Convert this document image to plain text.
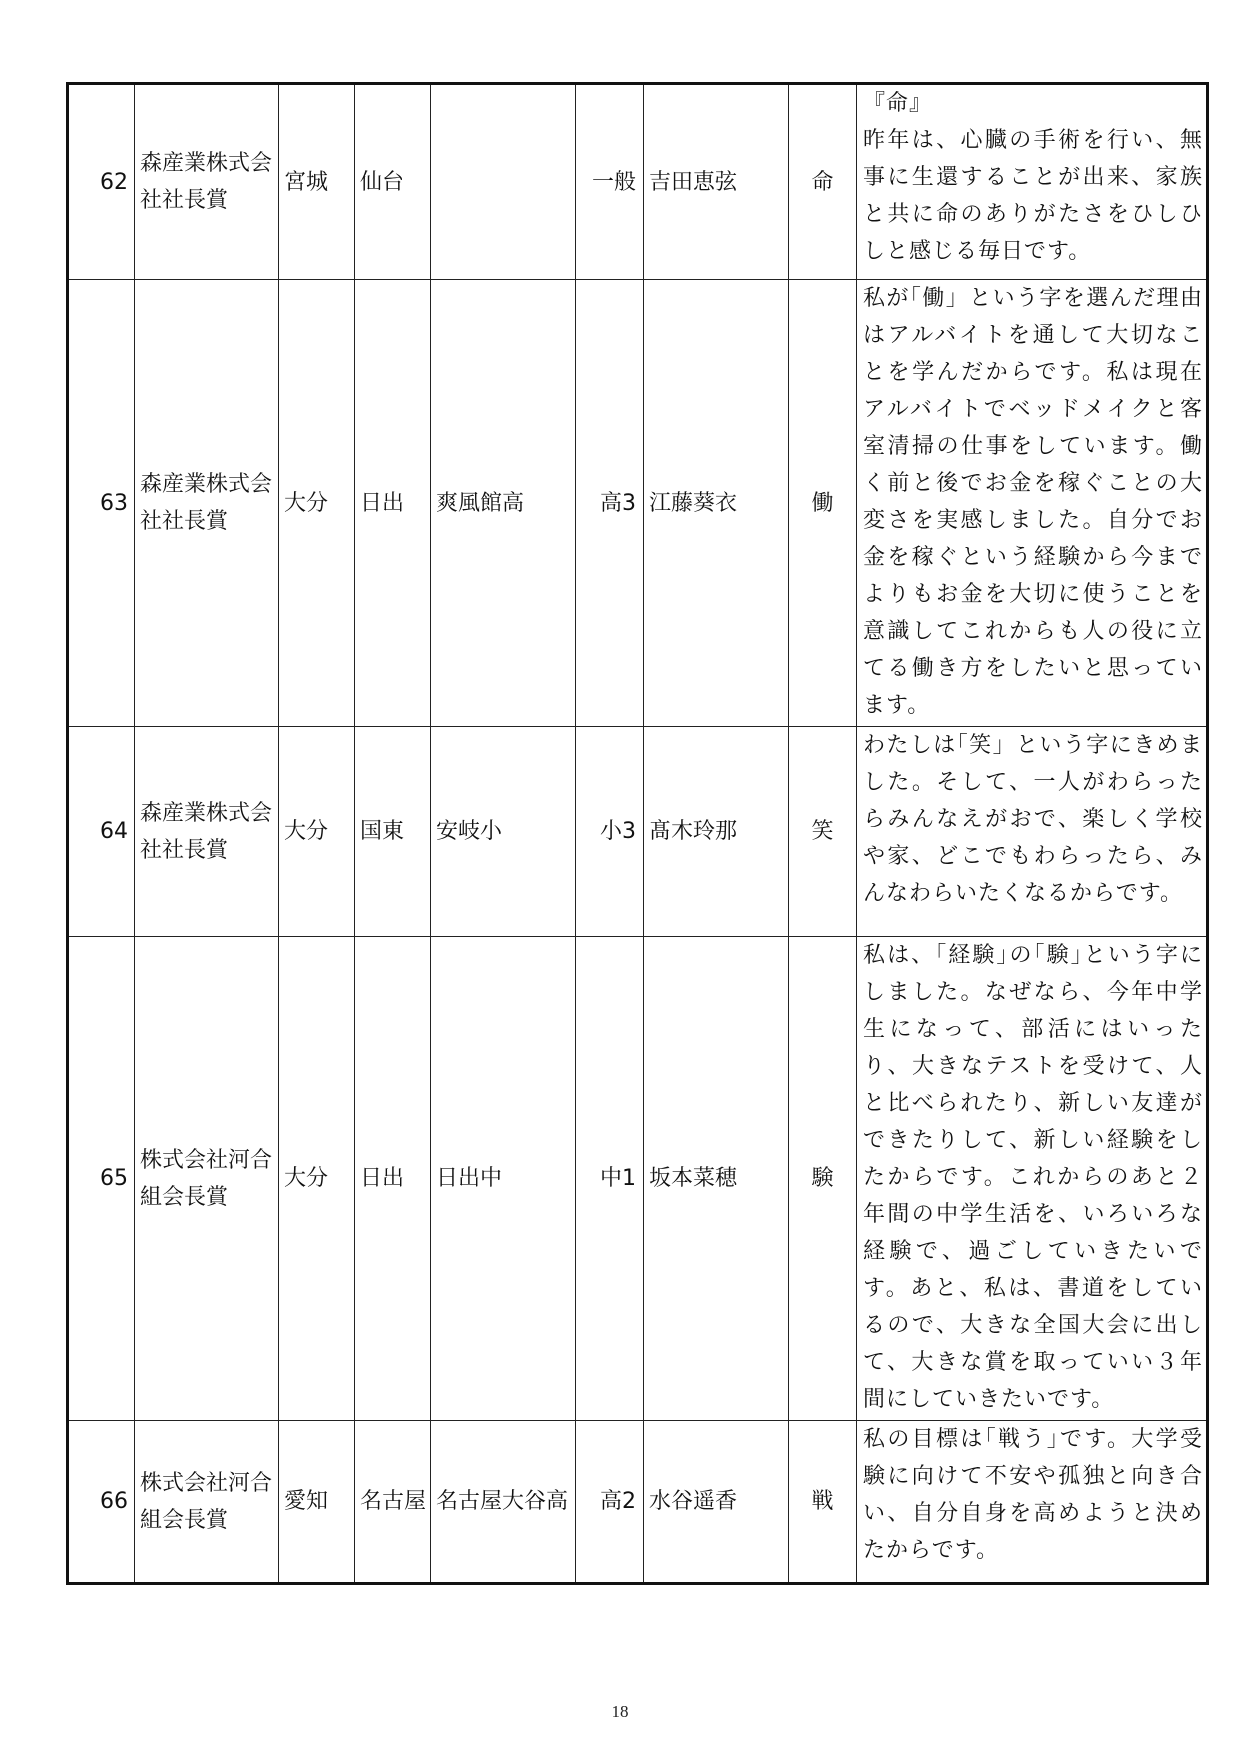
62	森産業株式会社社長賞	宮城	仙台		一般	吉田恵弦	命	『命』
昨年は、心臓の手術を行い、無事に生還することが出来、家族と共に命のありがたさをひしひしと感じる毎日です。
63	森産業株式会社社長賞	大分	日出	爽風館高	高3	江藤葵衣	働	私が｢働」という字を選んだ理由はアルバイトを通して大切なことを学んだからです。私は現在アルバイトでベッドメイクと客室清掃の仕事をしています。働く前と後でお金を稼ぐことの大変さを実感しました。自分でお金を稼ぐという経験から今までよりもお金を大切に使うことを意識してこれからも人の役に立てる働き方をしたいと思っています。
64	森産業株式会社社長賞	大分	国東	安岐小	小3	髙木玲那	笑	わたしは｢笑」という字にきめました。そして、一人がわらったらみんなえがおで、楽しく学校や家、どこでもわらったら、みんなわらいたくなるからです。
65	株式会社河合組会長賞	大分	日出	日出中	中1	坂本菜穂	験	私は、｢経験｣の｢験｣という字にしました。なぜなら、今年中学生になって、部活にはいったり、大きなテストを受けて、人と比べられたり、新しい友達ができたりして、新しい経験をしたからです。これからのあと２年間の中学生活を、いろいろな経験で、過ごしていきたいです。あと、私は、書道をしているので、大きな全国大会に出して、大きな賞を取っていい３年間にしていきたいです。
66	株式会社河合組会長賞	愛知	名古屋	名古屋大谷高	高2	水谷遥香	戦	私の目標は｢戦う｣です。大学受験に向けて不安や孤独と向き合い、自分自身を高めようと決めたからです。
18
